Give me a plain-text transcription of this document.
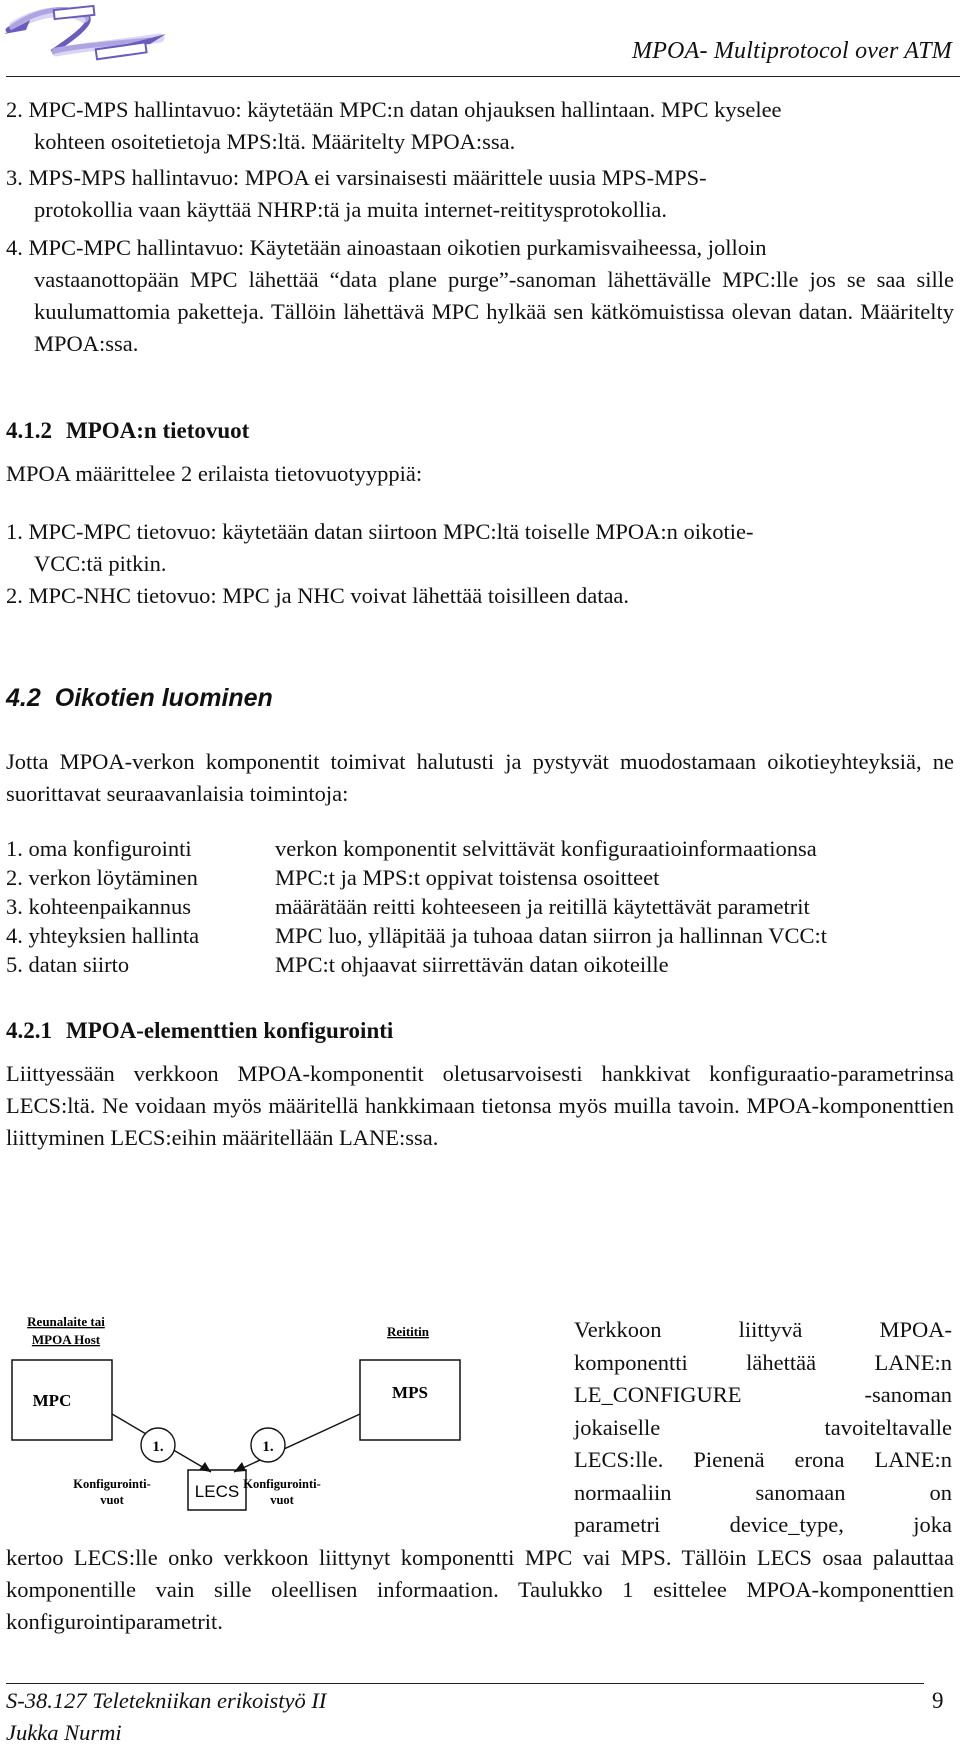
MPOA- Multiprotocol over ATM
2. MPC-MPS hallintavuo: käytetään MPC:n datan ohjauksen hallintaan. MPC kyselee
kohteen osoitetietoja MPS:ltä. Määritelty MPOA:ssa.
3. MPS-MPS hallintavuo: MPOA ei varsinaisesti määrittele uusia MPS-MPS-
protokollia vaan käyttää NHRP:tä ja muita internet-reititysprotokollia.
4. MPC-MPC hallintavuo: Käytetään ainoastaan oikotien purkamisvaiheessa, jolloin
vastaanottopään MPC lähettää “data plane purge”-sanoman lähettävälle MPC:lle jos se saa sille kuulumattomia paketteja. Tällöin lähettävä MPC hylkää sen kätkömuistissa olevan datan. Määritelty MPOA:ssa.
4.1.2 MPOA:n tietovuot
MPOA määrittelee 2 erilaista tietovuotyyppiä:
1. MPC-MPC tietovuo: käytetään datan siirtoon MPC:ltä toiselle MPOA:n oikotie-
VCC:tä pitkin.
2. MPC-NHC tietovuo: MPC ja NHC voivat lähettää toisilleen dataa.
4.2 Oikotien luominen
Jotta MPOA-verkon komponentit toimivat halutusti ja pystyvät muodostamaan oikotieyhteyksiä, ne suorittavat seuraavanlaisia toimintoja:
1. oma konfigurointi	verkon komponentit selvittävät konfiguraatioinformaationsa
2. verkon löytäminen	MPC:t ja MPS:t oppivat toistensa osoitteet
3. kohteenpaikannus	määrätään reitti kohteeseen ja reitillä käytettävät parametrit
4. yhteyksien hallinta	MPC luo, ylläpitää ja tuhoaa datan siirron ja hallinnan VCC:t
5. datan siirto	MPC:t ohjaavat siirrettävän datan oikoteille
4.2.1 MPOA-elementtien konfigurointi
Liittyessään verkkoon MPOA-komponentit oletusarvoisesti hankkivat konfiguraatio-parametrinsa LECS:ltä. Ne voidaan myös määritellä hankkimaan tietonsa myös muilla tavoin. MPOA-komponenttien liittyminen LECS:eihin määritellään LANE:ssa.
Reunalaite tai
MPOA Host
Reititin
MPC	MPS
LECS
1.	1.
Konfigurointi-
vuot
Konfigurointi-
vuot
Verkkoon liittyvä MPOA-
komponentti lähettää LANE:n
LE_CONFIGURE -sanoman
jokaiselle tavoiteltavalle
LECS:lle. Pienenä erona LANE:n
normaaliin sanomaan on
parametri device_type, joka
kertoo LECS:lle onko verkkoon liittynyt komponentti MPC vai MPS. Tällöin LECS osaa palauttaa komponentille vain sille oleellisen informaation. Taulukko 1 esittelee MPOA-komponenttien konfigurointiparametrit.
S-38.127 Teletekniikan erikoistyö II
Jukka Nurmi
9
